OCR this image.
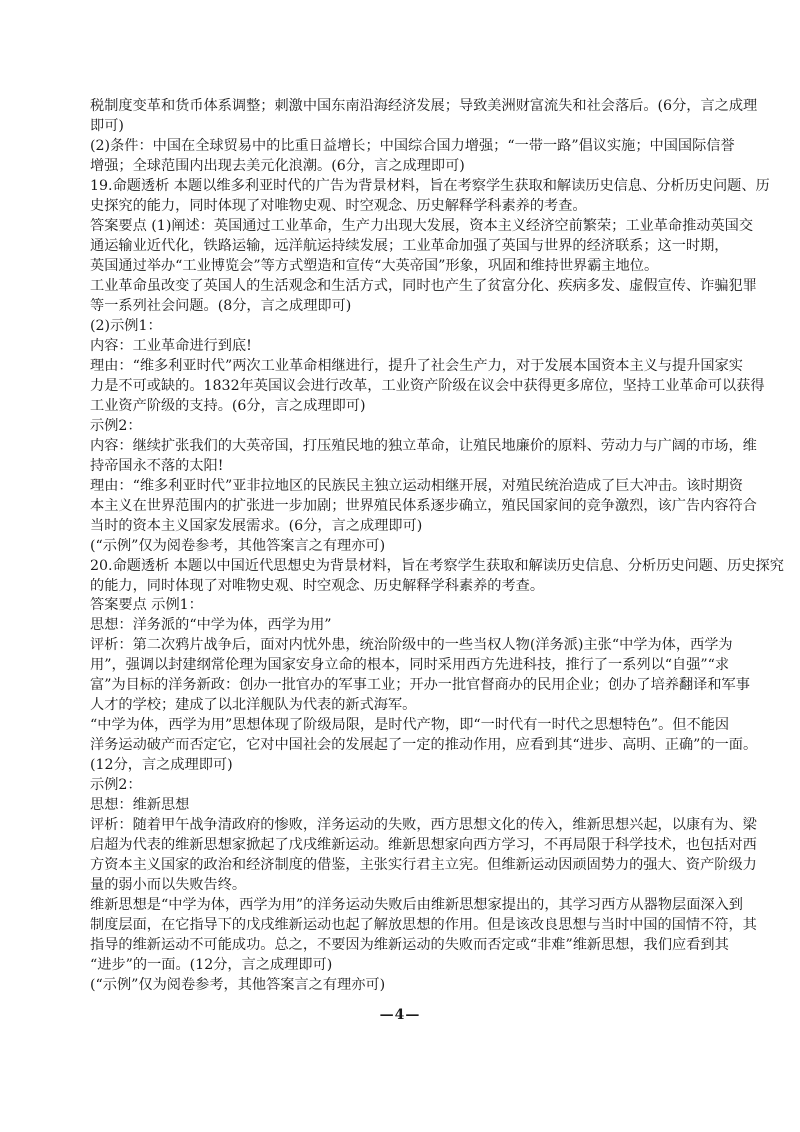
税制度变革和货币体系调整；刺激中国东南沿海经济发展；导致美洲财富流失和社会落后。(6分，言之成理
即可)
(2)条件：中国在全球贸易中的比重日益增长；中国综合国力增强；“一带一路”倡议实施；中国国际信誉
增强；全球范围内出现去美元化浪潮。(6分，言之成理即可)
19.命题透析 本题以维多利亚时代的广告为背景材料，旨在考察学生获取和解读历史信息、分析历史问题、历
史探究的能力，同时体现了对唯物史观、时空观念、历史解释学科素养的考查。
答案要点 (1)阐述：英国通过工业革命，生产力出现大发展，资本主义经济空前繁荣；工业革命推动英国交
通运输业近代化，铁路运输，远洋航运持续发展；工业革命加强了英国与世界的经济联系；这一时期，
英国通过举办“工业博览会”等方式塑造和宣传“大英帝国”形象，巩固和维持世界霸主地位。
工业革命虽改变了英国人的生活观念和生活方式，同时也产生了贫富分化、疾病多发、虚假宣传、诈骗犯罪
等一系列社会问题。(8分，言之成理即可)
(2)示例1：
内容：工业革命进行到底!
理由：“维多利亚时代”两次工业革命相继进行，提升了社会生产力，对于发展本国资本主义与提升国家实
力是不可或缺的。1832年英国议会进行改革，工业资产阶级在议会中获得更多席位，坚持工业革命可以获得
工业资产阶级的支持。(6分，言之成理即可)
示例2：
内容：继续扩张我们的大英帝国，打压殖民地的独立革命，让殖民地廉价的原料、劳动力与广阔的市场，维
持帝国永不落的太阳!
理由：“维多利亚时代”亚非拉地区的民族民主独立运动相继开展，对殖民统治造成了巨大冲击。该时期资
本主义在世界范围内的扩张进一步加剧；世界殖民体系逐步确立，殖民国家间的竞争激烈，该广告内容符合
当时的资本主义国家发展需求。(6分，言之成理即可)
(“示例”仅为阅卷参考，其他答案言之有理亦可)
20.命题透析 本题以中国近代思想史为背景材料，旨在考察学生获取和解读历史信息、分析历史问题、历史探究
的能力，同时体现了对唯物史观、时空观念、历史解释学科素养的考查。
答案要点 示例1：
思想：洋务派的“中学为体，西学为用”
评析：第二次鸦片战争后，面对内忧外患，统治阶级中的一些当权人物(洋务派)主张“中学为体，西学为
用”，强调以封建纲常伦理为国家安身立命的根本，同时采用西方先进科技，推行了一系列以“自强”“求
富”为目标的洋务新政：创办一批官办的军事工业；开办一批官督商办的民用企业；创办了培养翻译和军事
人才的学校；建成了以北洋舰队为代表的新式海军。
“中学为体，西学为用”思想体现了阶级局限，是时代产物，即“一时代有一时代之思想特色”。但不能因
洋务运动破产而否定它，它对中国社会的发展起了一定的推动作用，应看到其“进步、高明、正确”的一面。
(12分，言之成理即可)
示例2：
思想：维新思想
评析：随着甲午战争清政府的惨败，洋务运动的失败，西方思想文化的传入，维新思想兴起，以康有为、梁
启超为代表的维新思想家掀起了戊戌维新运动。维新思想家向西方学习，不再局限于科学技术，也包括对西
方资本主义国家的政治和经济制度的借鉴，主张实行君主立宪。但维新运动因顽固势力的强大、资产阶级力
量的弱小而以失败告终。
维新思想是“中学为体，西学为用”的洋务运动失败后由维新思想家提出的，其学习西方从器物层面深入到
制度层面，在它指导下的戊戌维新运动也起了解放思想的作用。但是该改良思想与当时中国的国情不符，其
指导的维新运动不可能成功。总之，不要因为维新运动的失败而否定或“非难”维新思想，我们应看到其
“进步”的一面。(12分，言之成理即可)
(“示例”仅为阅卷参考，其他答案言之有理亦可)
—4—
